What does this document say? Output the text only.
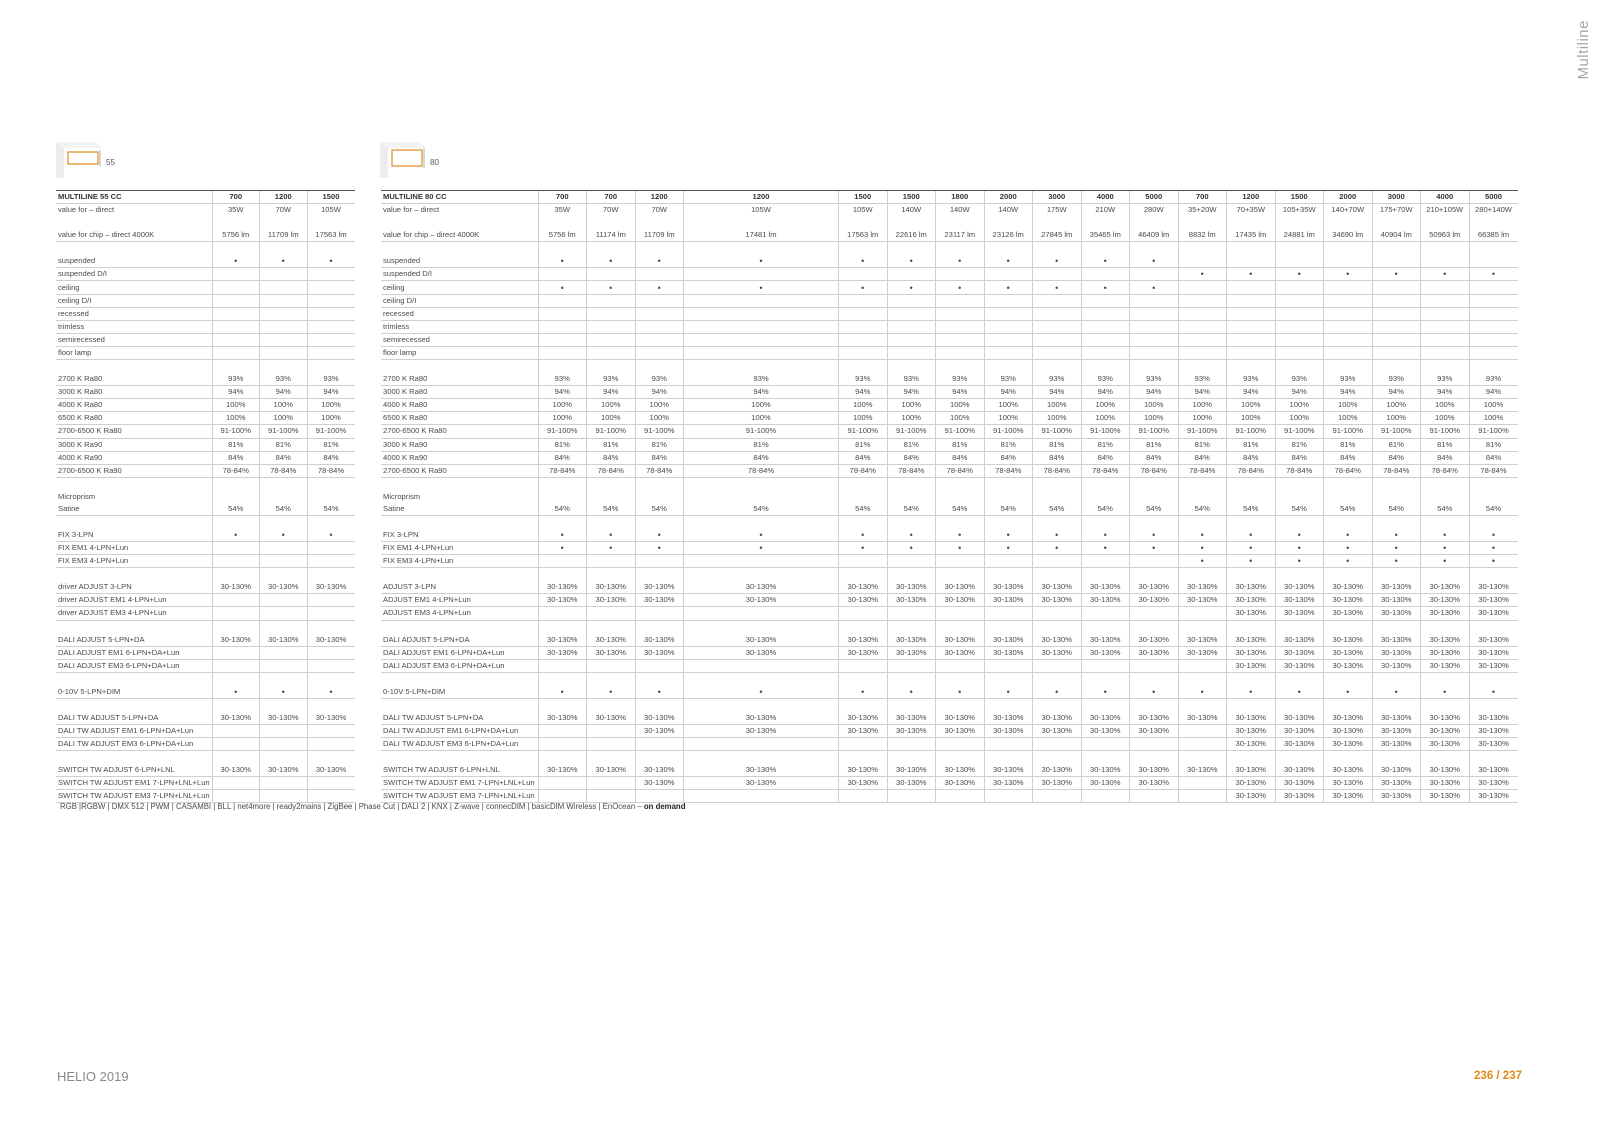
Multiline
55	80
MULTILINE 55 CC	700	1200	1500
value for – direct	35W	70W	105W

value for chip – direct 4000K	5756 lm	11709 lm	17563 lm

suspended	•	•	•
suspended D/I			
ceiling			
ceiling D/I			
recessed			
trimless			
semirecessed			
floor lamp			

2700 K Ra80	93%	93%	93%
3000 K Ra80	94%	94%	94%
4000 K Ra80	100%	100%	100%
6500 K Ra80	100%	100%	100%
2700-6500 K Ra80	91-100%	91-100%	91-100%
3000 K Ra90	81%	81%	81%
4000 K Ra90	84%	84%	84%
2700-6500 K Ra90	78-84%	78-84%	78-84%

Microprism			
Satine	54%	54%	54%

FIX 3-LPN	•	•	•
FIX EM1 4-LPN+Lun			
FIX EM3 4-LPN+Lun			

driver ADJUST 3-LPN	30-130%	30-130%	30-130%
driver ADJUST EM1 4-LPN+Lun			
driver ADJUST EM3 4-LPN+Lun			

DALI ADJUST 5-LPN+DA	30-130%	30-130%	30-130%
DALI ADJUST EM1 6-LPN+DA+Lun			
DALI ADJUST EM3 6-LPN+DA+Lun			

0-10V 5-LPN+DIM	•	•	•

DALI TW ADJUST 5-LPN+DA	30-130%	30-130%	30-130%
DALI TW ADJUST EM1 6-LPN+DA+Lun			
DALI TW ADJUST EM3 6-LPN+DA+Lun			

SWITCH TW ADJUST 6-LPN+LNL	30-130%	30-130%	30-130%
SWITCH TW ADJUST EM1 7-LPN+LNL+Lun			
SWITCH TW ADJUST EM3 7-LPN+LNL+Lun			
MULTILINE 80 CC	700	700	1200	1200	1500	1500	1800	2000	3000	4000	5000	700	1200	1500	2000	3000	4000	5000
value for – direct	35W	70W	70W	105W	105W	140W	140W	140W	175W	210W	280W	35+20W	70+35W	105+35W	140+70W	175+70W	210+105W	280+140W

value for chip – direct 4000K	5756 lm	11174 lm	11709 lm	17481 lm	17563 lm	22616 lm	23117 lm	23126 lm	27845 lm	35465 lm	46409 lm	8832 lm	17435 lm	24881 lm	34690 lm	40904 lm	50963 lm	66385 lm

suspended	•	•	•	•	•	•	•	•	•	•	•							
suspended D/I												•	•	•	•	•	•	•
ceiling	•	•	•	•	•	•	•	•	•	•	•							
ceiling D/I																		
recessed																		
trimless																		
semirecessed																		
floor lamp																		

2700 K Ra80	93%	93%	93%	93%	93%	93%	93%	93%	93%	93%	93%	93%	93%	93%	93%	93%	93%	93%
3000 K Ra80	94%	94%	94%	94%	94%	94%	94%	94%	94%	94%	94%	94%	94%	94%	94%	94%	94%	94%
4000 K Ra80	100%	100%	100%	100%	100%	100%	100%	100%	100%	100%	100%	100%	100%	100%	100%	100%	100%	100%
6500 K Ra80	100%	100%	100%	100%	100%	100%	100%	100%	100%	100%	100%	100%	100%	100%	100%	100%	100%	100%
2700-6500 K Ra80	91-100%	91-100%	91-100%	91-100%	91-100%	91-100%	91-100%	91-100%	91-100%	91-100%	91-100%	91-100%	91-100%	91-100%	91-100%	91-100%	91-100%	91-100%
3000 K Ra90	81%	81%	81%	81%	81%	81%	81%	81%	81%	81%	81%	81%	81%	81%	81%	81%	81%	81%
4000 K Ra90	84%	84%	84%	84%	84%	84%	84%	84%	84%	84%	84%	84%	84%	84%	84%	84%	84%	84%
2700-6500 K Ra90	78-84%	78-84%	78-84%	78-84%	78-84%	78-84%	78-84%	78-84%	78-84%	78-84%	78-84%	78-84%	78-84%	78-84%	78-84%	78-84%	78-84%	78-84%

Microprism																		
Satine	54%	54%	54%	54%	54%	54%	54%	54%	54%	54%	54%	54%	54%	54%	54%	54%	54%	54%

FIX 3-LPN	•	•	•	•	•	•	•	•	•	•	•	•	•	•	•	•	•	•
FIX EM1 4-LPN+Lun	•	•	•	•	•	•	•	•	•	•	•	•	•	•	•	•	•	•
FIX EM3 4-LPN+Lun												•	•	•	•	•	•	•

ADJUST 3-LPN	30-130%	30-130%	30-130%	30-130%	30-130%	30-130%	30-130%	30-130%	30-130%	30-130%	30-130%	30-130%	30-130%	30-130%	30-130%	30-130%	30-130%	30-130%
ADJUST EM1 4-LPN+Lun	30-130%	30-130%	30-130%	30-130%	30-130%	30-130%	30-130%	30-130%	30-130%	30-130%	30-130%	30-130%	30-130%	30-130%	30-130%	30-130%	30-130%	30-130%
ADJUST EM3 4-LPN+Lun													30-130%	30-130%	30-130%	30-130%	30-130%	30-130%

DALI ADJUST 5-LPN+DA	30-130%	30-130%	30-130%	30-130%	30-130%	30-130%	30-130%	30-130%	30-130%	30-130%	30-130%	30-130%	30-130%	30-130%	30-130%	30-130%	30-130%	30-130%
DALI ADJUST EM1 6-LPN+DA+Lun	30-130%	30-130%	30-130%	30-130%	30-130%	30-130%	30-130%	30-130%	30-130%	30-130%	30-130%	30-130%	30-130%	30-130%	30-130%	30-130%	30-130%	30-130%
DALI ADJUST EM3 6-LPN+DA+Lun													30-130%	30-130%	30-130%	30-130%	30-130%	30-130%

0-10V 5-LPN+DIM	•	•	•	•	•	•	•	•	•	•	•	•	•	•	•	•	•	•

DALI TW ADJUST 5-LPN+DA	30-130%	30-130%	30-130%	30-130%	30-130%	30-130%	30-130%	30-130%	30-130%	30-130%	30-130%	30-130%	30-130%	30-130%	30-130%	30-130%	30-130%	30-130%
DALI TW ADJUST EM1 6-LPN+DA+Lun			30-130%	30-130%	30-130%	30-130%	30-130%	30-130%	30-130%	30-130%	30-130%		30-130%	30-130%	30-130%	30-130%	30-130%	30-130%
DALI TW ADJUST EM3 6-LPN+DA+Lun													30-130%	30-130%	30-130%	30-130%	30-130%	30-130%

SWITCH TW ADJUST 6-LPN+LNL	30-130%	30-130%	30-130%	30-130%	30-130%	30-130%	30-130%	30-130%	30-130%	30-130%	30-130%	30-130%	30-130%	30-130%	30-130%	30-130%	30-130%	30-130%
SWITCH TW ADJUST EM1 7-LPN+LNL+Lun			30-130%	30-130%	30-130%	30-130%	30-130%	30-130%	30-130%	30-130%	30-130%		30-130%	30-130%	30-130%	30-130%	30-130%	30-130%
SWITCH TW ADJUST EM3 7-LPN+LNL+Lun													30-130%	30-130%	30-130%	30-130%	30-130%	30-130%
RGB |RGBW | DMX 512 | PWM | CASAMBI | BLL | net4more | ready2mains | ZigBee | Phase Cut | DALI 2 | KNX | Z-wave | connecDIM | basicDIM Wireless | EnOcean – on demand
HELIO 2019	236 / 237
